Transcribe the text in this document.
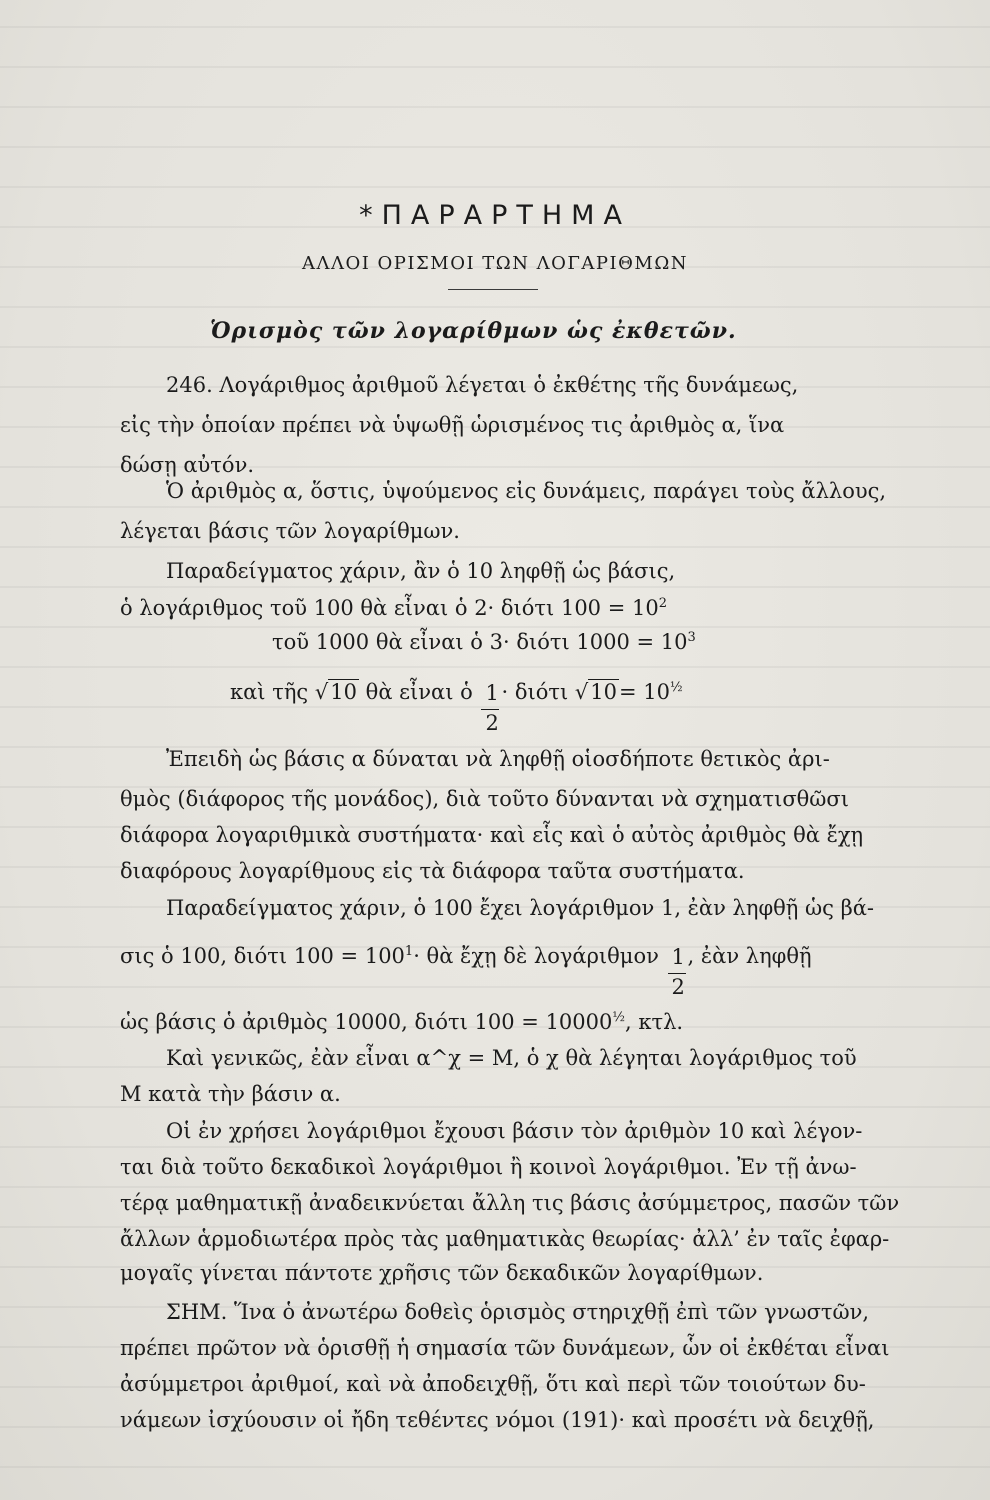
*ΠΑΡΑΡΤΗΜΑ
ΑΛΛΟΙ ΟΡΙΣΜΟΙ ΤΩΝ ΛΟΓΑΡΙΘΜΩΝ
Ὁρισμὸς τῶν λογαρίθμων ὡς ἐκθετῶν.
246. Λογάριθμος ἀριθμοῦ λέγεται ὁ ἐκθέτης τῆς δυνάμεως,
εἰς τὴν ὁποίαν πρέπει νὰ ὑψωθῇ ὡρισμένος τις ἀριθμὸς α, ἵνα
δώσῃ αὐτόν.
Ὁ ἀριθμὸς α, ὅστις, ὑψούμενος εἰς δυνάμεις, παράγει τοὺς ἄλλους,
λέγεται βάσις τῶν λογαρίθμων.
Παραδείγματος χάριν, ἂν ὁ 10 ληφθῇ ὡς βάσις,
ὁ λογάριθμος τοῦ 100 θὰ εἶναι ὁ 2· διότι $100 = 10^2$
τοῦ 1000 θὰ εἶναι ὁ 3· διότι $1000 = 10^3$
καὶ τῆς √10 θὰ εἶναι ὁ
$\frac{1}{2}$
· διότι $√10= 10^{\frac{1}{2}}$
Ἐπειδὴ ὡς βάσις α δύναται νὰ ληφθῇ οἱοσδήποτε θετικὸς ἀρι-
θμὸς (διάφορος τῆς μονάδος), διὰ τοῦτο δύνανται νὰ σχηματισθῶσι
διάφορα λογαριθμικὰ συστήματα· καὶ εἷς καὶ ὁ αὐτὸς ἀριθμὸς θὰ ἔχῃ
διαφόρους λογαρίθμους εἰς τὰ διάφορα ταῦτα συστήματα.
Παραδείγματος χάριν, ὁ 100 ἔχει λογάριθμον 1, ἐὰν ληφθῇ ὡς βά-
σις ὁ 100, διότι $100 = 100^1\cdot$ θὰ ἔχῃ δὲ λογάριθμον
$\frac{1}{2}$
, ἐὰν ληφθῇ
ὡς βάσις ὁ ἀριθμὸς 10000, διότι $100 = 10000^{\frac{1}{2}}$, κτλ.
Καὶ γενικῶς, ἐὰν εἶναι α^χ = Μ, ὁ χ θὰ λέγηται λογάριθμος τοῦ
Μ κατὰ τὴν βάσιν α.
Οἱ ἐν χρήσει λογάριθμοι ἔχουσι βάσιν τὸν ἀριθμὸν 10 καὶ λέγον-
ται διὰ τοῦτο δεκαδικοὶ λογάριθμοι ἢ κοινοὶ λογάριθμοι. Ἐν τῇ ἀνω-
τέρᾳ μαθηματικῇ ἀναδεικνύεται ἄλλη τις βάσις ἀσύμμετρος, πασῶν τῶν
ἄλλων ἁρμοδιωτέρα πρὸς τὰς μαθηματικὰς θεωρίας· ἀλλ’ ἐν ταῖς ἐφαρ-
μογαῖς γίνεται πάντοτε χρῆσις τῶν δεκαδικῶν λογαρίθμων.
ΣΗΜ. Ἵνα ὁ ἀνωτέρω δοθεὶς ὁρισμὸς στηριχθῇ ἐπὶ τῶν γνωστῶν,
πρέπει πρῶτον νὰ ὁρισθῇ ἡ σημασία τῶν δυνάμεων, ὧν οἱ ἐκθέται εἶναι
ἀσύμμετροι ἀριθμοί, καὶ νὰ ἀποδειχθῇ, ὅτι καὶ περὶ τῶν τοιούτων δυ-
νάμεων ἰσχύουσιν οἱ ἤδη τεθέντες νόμοι (191)· καὶ προσέτι νὰ δειχθῇ,
